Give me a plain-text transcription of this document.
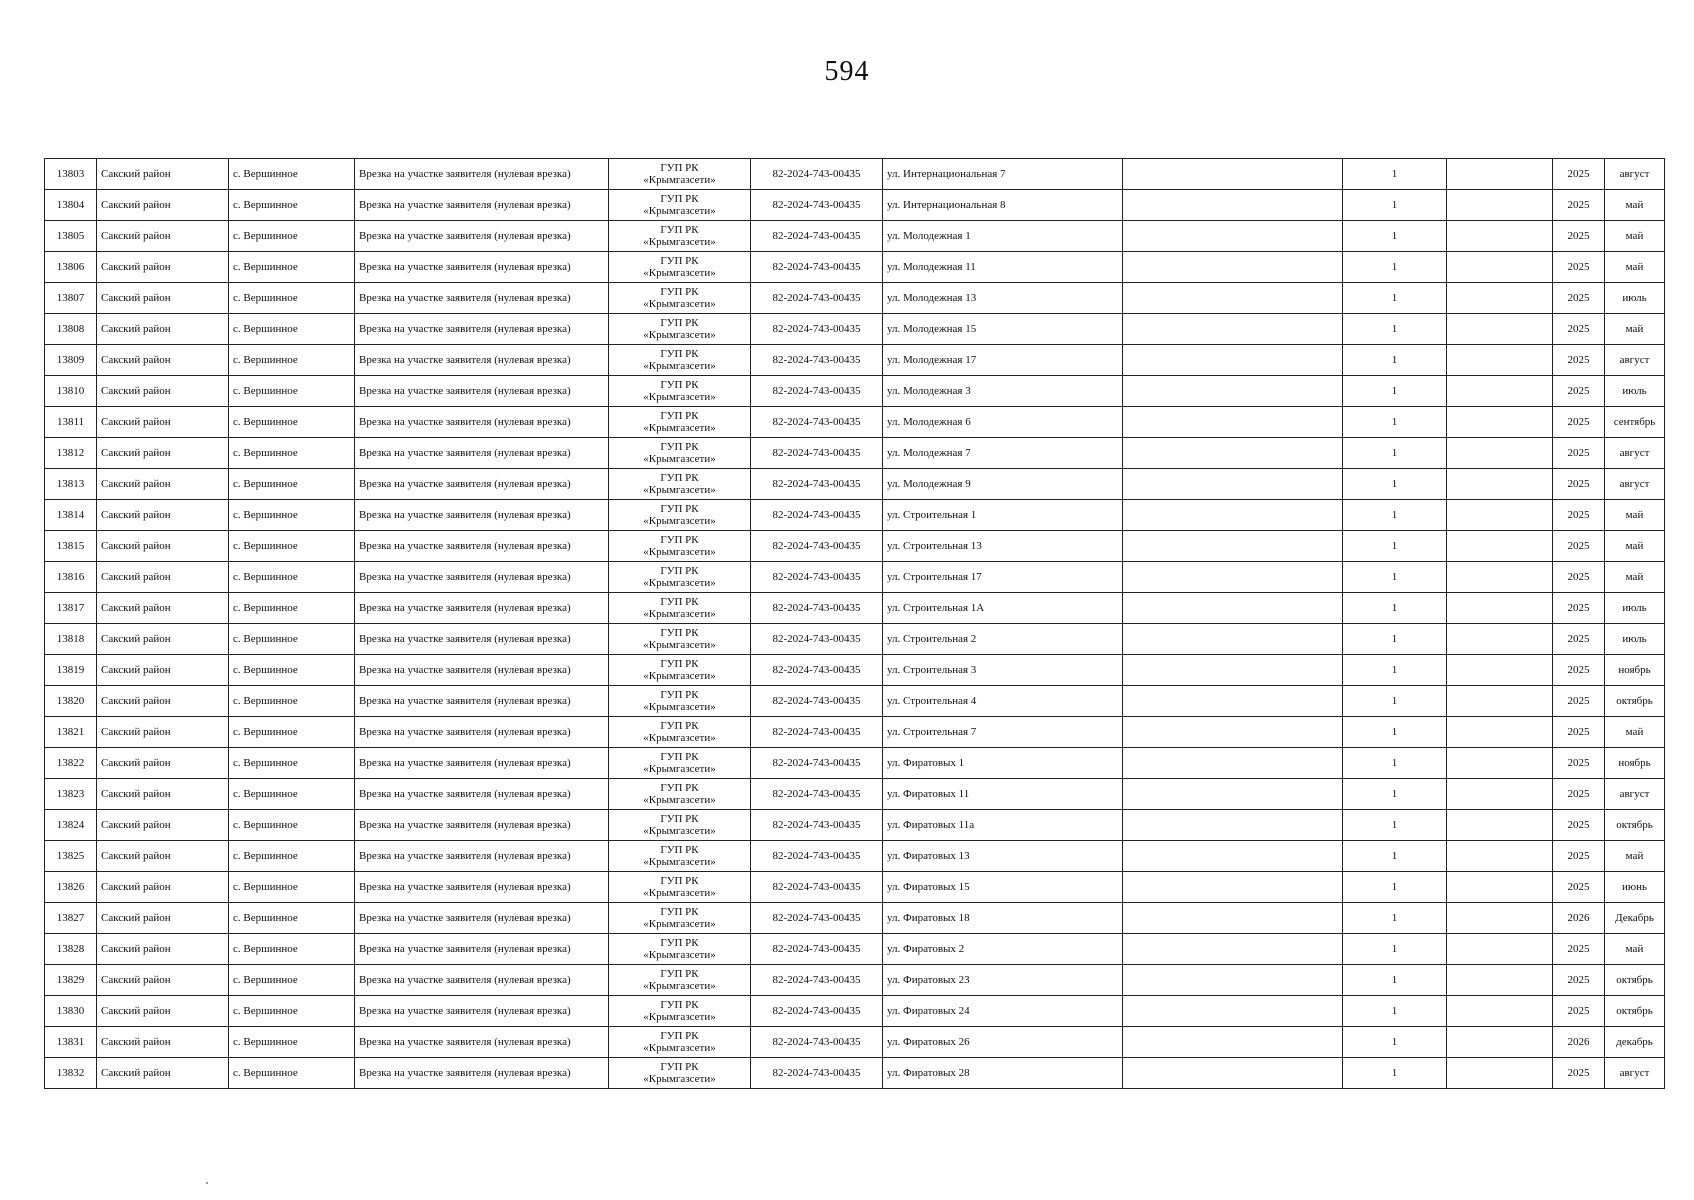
594
13803	Сакский район	с. Вершинное	Врезка на участке заявителя (нулевая врезка)	ГУП РК
«Крымгазсети»	82-2024-743-00435	ул. Интернациональная 7		1		2025	август
13804	Сакский район	с. Вершинное	Врезка на участке заявителя (нулевая врезка)	ГУП РК
«Крымгазсети»	82-2024-743-00435	ул. Интернациональная 8		1		2025	май
13805	Сакский район	с. Вершинное	Врезка на участке заявителя (нулевая врезка)	ГУП РК
«Крымгазсети»	82-2024-743-00435	ул. Молодежная 1		1		2025	май
13806	Сакский район	с. Вершинное	Врезка на участке заявителя (нулевая врезка)	ГУП РК
«Крымгазсети»	82-2024-743-00435	ул. Молодежная 11		1		2025	май
13807	Сакский район	с. Вершинное	Врезка на участке заявителя (нулевая врезка)	ГУП РК
«Крымгазсети»	82-2024-743-00435	ул. Молодежная 13		1		2025	июль
13808	Сакский район	с. Вершинное	Врезка на участке заявителя (нулевая врезка)	ГУП РК
«Крымгазсети»	82-2024-743-00435	ул. Молодежная 15		1		2025	май
13809	Сакский район	с. Вершинное	Врезка на участке заявителя (нулевая врезка)	ГУП РК
«Крымгазсети»	82-2024-743-00435	ул. Молодежная 17		1		2025	август
13810	Сакский район	с. Вершинное	Врезка на участке заявителя (нулевая врезка)	ГУП РК
«Крымгазсети»	82-2024-743-00435	ул. Молодежная 3		1		2025	июль
13811	Сакский район	с. Вершинное	Врезка на участке заявителя (нулевая врезка)	ГУП РК
«Крымгазсети»	82-2024-743-00435	ул. Молодежная 6		1		2025	сентябрь
13812	Сакский район	с. Вершинное	Врезка на участке заявителя (нулевая врезка)	ГУП РК
«Крымгазсети»	82-2024-743-00435	ул. Молодежная 7		1		2025	август
13813	Сакский район	с. Вершинное	Врезка на участке заявителя (нулевая врезка)	ГУП РК
«Крымгазсети»	82-2024-743-00435	ул. Молодежная 9		1		2025	август
13814	Сакский район	с. Вершинное	Врезка на участке заявителя (нулевая врезка)	ГУП РК
«Крымгазсети»	82-2024-743-00435	ул. Строительная 1		1		2025	май
13815	Сакский район	с. Вершинное	Врезка на участке заявителя (нулевая врезка)	ГУП РК
«Крымгазсети»	82-2024-743-00435	ул. Строительная 13		1		2025	май
13816	Сакский район	с. Вершинное	Врезка на участке заявителя (нулевая врезка)	ГУП РК
«Крымгазсети»	82-2024-743-00435	ул. Строительная 17		1		2025	май
13817	Сакский район	с. Вершинное	Врезка на участке заявителя (нулевая врезка)	ГУП РК
«Крымгазсети»	82-2024-743-00435	ул. Строительная 1А		1		2025	июль
13818	Сакский район	с. Вершинное	Врезка на участке заявителя (нулевая врезка)	ГУП РК
«Крымгазсети»	82-2024-743-00435	ул. Строительная 2		1		2025	июль
13819	Сакский район	с. Вершинное	Врезка на участке заявителя (нулевая врезка)	ГУП РК
«Крымгазсети»	82-2024-743-00435	ул. Строительная 3		1		2025	ноябрь
13820	Сакский район	с. Вершинное	Врезка на участке заявителя (нулевая врезка)	ГУП РК
«Крымгазсети»	82-2024-743-00435	ул. Строительная 4		1		2025	октябрь
13821	Сакский район	с. Вершинное	Врезка на участке заявителя (нулевая врезка)	ГУП РК
«Крымгазсети»	82-2024-743-00435	ул. Строительная 7		1		2025	май
13822	Сакский район	с. Вершинное	Врезка на участке заявителя (нулевая врезка)	ГУП РК
«Крымгазсети»	82-2024-743-00435	ул. Фиратовых 1		1		2025	ноябрь
13823	Сакский район	с. Вершинное	Врезка на участке заявителя (нулевая врезка)	ГУП РК
«Крымгазсети»	82-2024-743-00435	ул. Фиратовых 11		1		2025	август
13824	Сакский район	с. Вершинное	Врезка на участке заявителя (нулевая врезка)	ГУП РК
«Крымгазсети»	82-2024-743-00435	ул. Фиратовых 11а		1		2025	октябрь
13825	Сакский район	с. Вершинное	Врезка на участке заявителя (нулевая врезка)	ГУП РК
«Крымгазсети»	82-2024-743-00435	ул. Фиратовых 13		1		2025	май
13826	Сакский район	с. Вершинное	Врезка на участке заявителя (нулевая врезка)	ГУП РК
«Крымгазсети»	82-2024-743-00435	ул. Фиратовых 15		1		2025	июнь
13827	Сакский район	с. Вершинное	Врезка на участке заявителя (нулевая врезка)	ГУП РК
«Крымгазсети»	82-2024-743-00435	ул. Фиратовых 18		1		2026	Декабрь
13828	Сакский район	с. Вершинное	Врезка на участке заявителя (нулевая врезка)	ГУП РК
«Крымгазсети»	82-2024-743-00435	ул. Фиратовых 2		1		2025	май
13829	Сакский район	с. Вершинное	Врезка на участке заявителя (нулевая врезка)	ГУП РК
«Крымгазсети»	82-2024-743-00435	ул. Фиратовых 23		1		2025	октябрь
13830	Сакский район	с. Вершинное	Врезка на участке заявителя (нулевая врезка)	ГУП РК
«Крымгазсети»	82-2024-743-00435	ул. Фиратовых 24		1		2025	октябрь
13831	Сакский район	с. Вершинное	Врезка на участке заявителя (нулевая врезка)	ГУП РК
«Крымгазсети»	82-2024-743-00435	ул. Фиратовых 26		1		2026	декабрь
13832	Сакский район	с. Вершинное	Врезка на участке заявителя (нулевая врезка)	ГУП РК
«Крымгазсети»	82-2024-743-00435	ул. Фиратовых 28		1		2025	август
